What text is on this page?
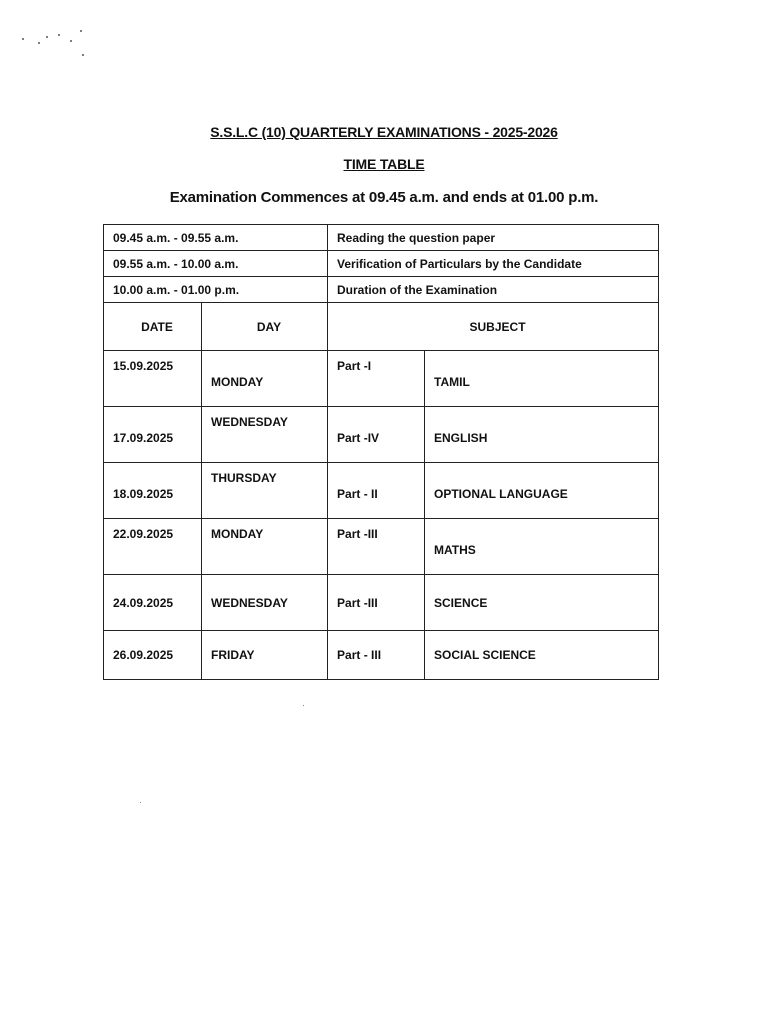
S.S.L.C (10) QUARTERLY EXAMINATIONS - 2025-2026
TIME TABLE
Examination Commences at 09.45 a.m. and ends at 01.00 p.m.
09.45 a.m. - 09.55 a.m.		Reading the question paper	
09.55 a.m. - 10.00 a.m.		Verification of Particulars by the Candidate	
10.00 a.m. - 01.00 p.m.		Duration of the Examination	
DATE	DAY	SUBJECT	
15.09.2025	MONDAY	Part -I	TAMIL
17.09.2025	WEDNESDAY	Part -IV	ENGLISH
18.09.2025	THURSDAY	Part - II	OPTIONAL LANGUAGE
22.09.2025	MONDAY	Part -III	MATHS
24.09.2025	WEDNESDAY	Part -III	SCIENCE
26.09.2025	FRIDAY	Part - III	SOCIAL SCIENCE
